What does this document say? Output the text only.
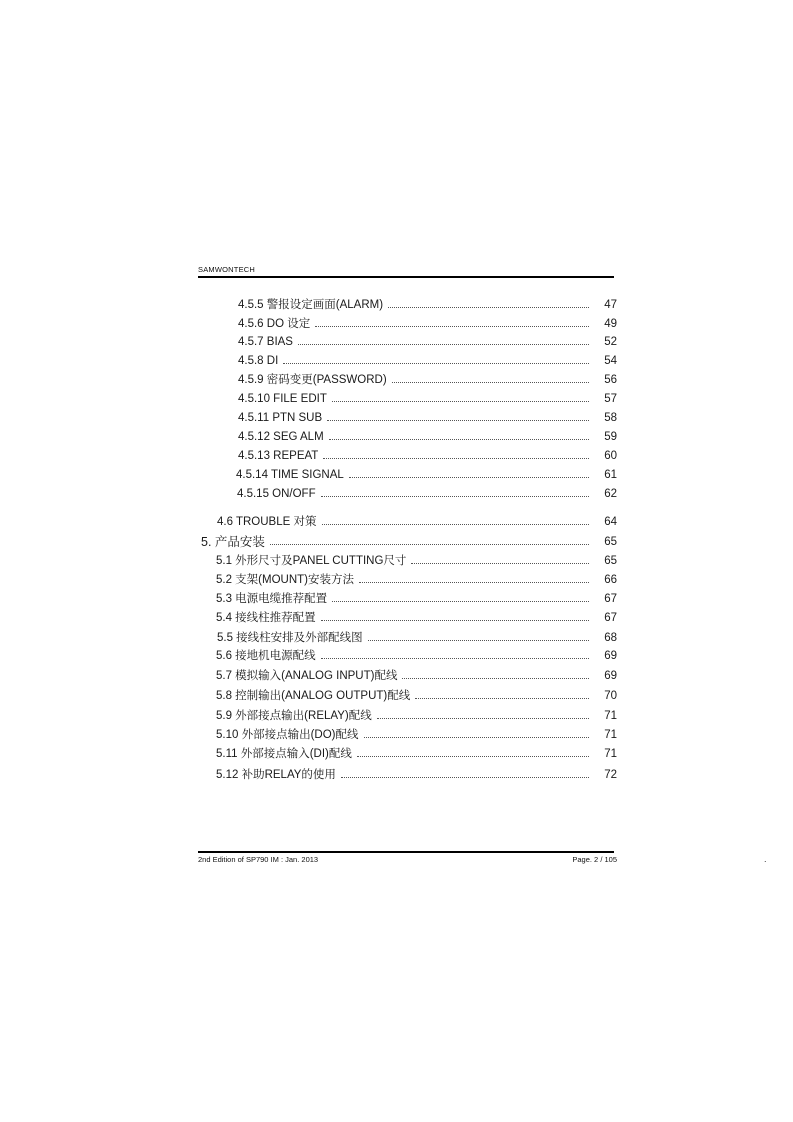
SAMWONTECH
4.5.5 警报设定画面(ALARM)	47
4.5.6 DO 设定	49
4.5.7 BIAS	52
4.5.8 DI	54
4.5.9 密码变更(PASSWORD)	56
4.5.10 FILE EDIT	57
4.5.11 PTN SUB	58
4.5.12 SEG ALM	59
4.5.13 REPEAT	60
4.5.14 TIME SIGNAL	61
4.5.15 ON/OFF	62
4.6 TROUBLE 对策	64
5. 产品安装	65
5.1 外形尺寸及PANEL CUTTING尺寸	65
5.2 支架(MOUNT)安装方法	66
5.3 电源电缆推荐配置	67
5.4 接线柱推荐配置	67
5.5 接线柱安排及外部配线图	68
5.6 接地机电源配线	69
5.7 模拟输入(ANALOG INPUT)配线	69
5.8 控制输出(ANALOG OUTPUT)配线	70
5.9 外部接点输出(RELAY)配线	71
5.10 外部接点输出(DO)配线	71
5.11 外部接点输入(DI)配线	71
5.12 补助RELAY的使用	72
2nd Edition of SP790 IM : Jan. 2013	Page. 2 / 105	.
